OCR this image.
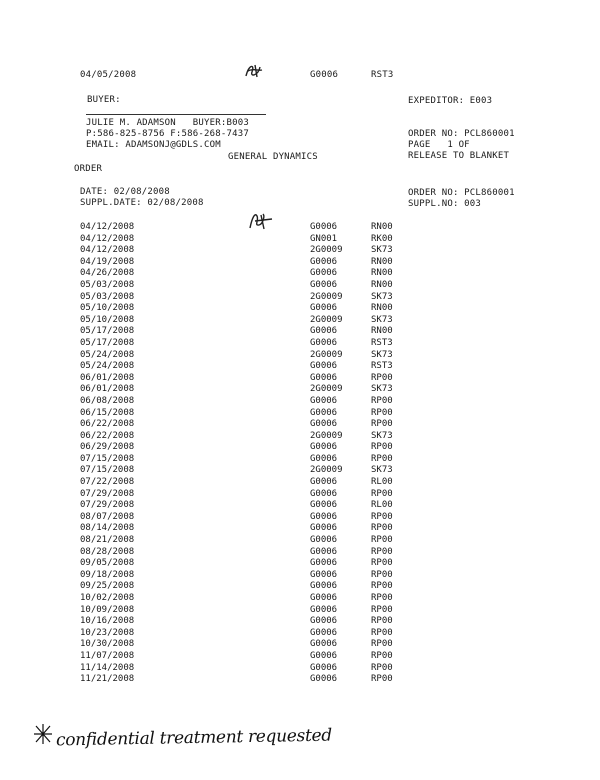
04/05/2008	G0006	RST3
BUYER:	EXPEDITOR: E003
JULIE M. ADAMSON   BUYER:B003
P:586-825-8756 F:586-268-7437
EMAIL: ADAMSONJ@GDLS.COM
GENERAL DYNAMICS
ORDER
ORDER NO: PCL860001
PAGE   1 OF
RELEASE TO BLANKET
DATE: 02/08/2008
SUPPL.DATE: 02/08/2008
ORDER NO: PCL860001
SUPPL.NO: 003
04/12/2008	G0006	RN00
04/12/2008	GN001	RK00
04/12/2008	2G0009	SK73
04/19/2008	G0006	RN00
04/26/2008	G0006	RN00
05/03/2008	G0006	RN00
05/03/2008	2G0009	SK73
05/10/2008	G0006	RN00
05/10/2008	2G0009	SK73
05/17/2008	G0006	RN00
05/17/2008	G0006	RST3
05/24/2008	2G0009	SK73
05/24/2008	G0006	RST3
06/01/2008	G0006	RP00
06/01/2008	2G0009	SK73
06/08/2008	G0006	RP00
06/15/2008	G0006	RP00
06/22/2008	G0006	RP00
06/22/2008	2G0009	SK73
06/29/2008	G0006	RP00
07/15/2008	G0006	RP00
07/15/2008	2G0009	SK73
07/22/2008	G0006	RL00
07/29/2008	G0006	RP00
07/29/2008	G0006	RL00
08/07/2008	G0006	RP00
08/14/2008	G0006	RP00
08/21/2008	G0006	RP00
08/28/2008	G0006	RP00
09/05/2008	G0006	RP00
09/18/2008	G0006	RP00
09/25/2008	G0006	RP00
10/02/2008	G0006	RP00
10/09/2008	G0006	RP00
10/16/2008	G0006	RP00
10/23/2008	G0006	RP00
10/30/2008	G0006	RP00
11/07/2008	G0006	RP00
11/14/2008	G0006	RP00
11/21/2008	G0006	RP00
confidential treatment requested
